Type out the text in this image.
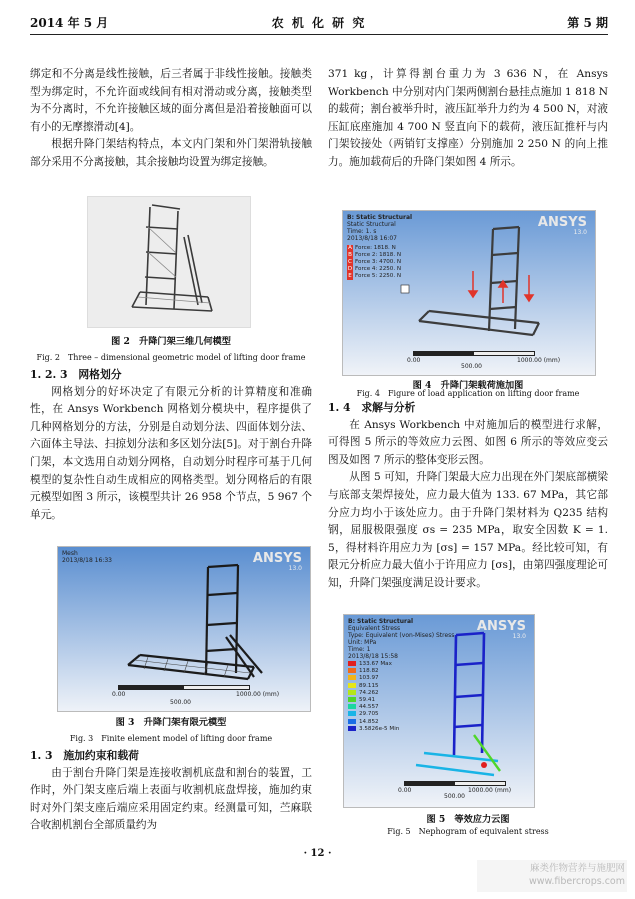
2014 年 5 月	农 机 化 研 究	第 5 期

绑定和不分离是线性接触，后三者属于非线性接触。接触类型为绑定时，不允许面或线间有相对滑动或分离，接触类型为不分离时，不允许接触区域的面分离但是沿着接触面可以有小的无摩擦滑动[4]。

根据升降门架结构特点，本文内门架和外门架滑轨接触部分采用不分离接触，其余接触均设置为绑定接触。

图 2　升降门架三维几何模型
Fig. 2　Three – dimensional geometric model of lifting door frame

1. 2. 3　网格划分

网格划分的好坏决定了有限元分析的计算精度和准确性，在 Ansys Workbench 网格划分模块中，程序提供了几种网格划分的方法，分别是自动划分法、四面体划分法、六面体主导法、扫掠划分法和多区划分法[5]。对于割台升降门架，本文选用自动划分网格，自动划分时程序可基于几何模型的复杂性自动生成相应的网格类型。划分网格后的有限元模型如图 3 所示，该模型共计 26 958 个节点，5 967 个单元。

Mesh
2013/8/18 16:33	ANSYS
13.0
0.00	1000.00 (mm)
500.00
图 3　升降门架有限元模型
Fig. 3　Finite element model of lifting door frame

1. 3　施加约束和载荷

由于割台升降门架是连接收割机底盘和割台的装置，工作时，外门架支座后端上表面与收割机底盘焊接，施加约束时对外门架支座后端应采用固定约束。经测量可知，苎麻联合收割机割台全部质量约为

371 kg，计算得割台重力为 3 636 N，在 Ansys Workbench 中分别对内门架两侧割台悬挂点施加 1 818 N 的载荷；割台被举升时，液压缸举升力约为 4 500 N，对液压缸底座施加 4 700 N 竖直向下的载荷，液压缸推杆与内门架铰接处（两销钉支撑座）分别施加 2 250 N 的向上推力。施加载荷后的升降门架如图 4 所示。

B: Static Structural
Static Structural
Time: 1. s
2013/8/18 16:07
ANSYS
13.0
A Force: 1818. N
B Force 2: 1818. N
C Force 3: 4700. N
D Force 4: 2250. N
E Force 5: 2250. N
0.00
500.00
1000.00 (mm)
图 4　升降门架载荷施加图
Fig. 4　Figure of load application on lifting door frame

1. 4　求解与分析

在 Ansys Workbench 中对施加后的模型进行求解，可得图 5 所示的等效应力云图、如图 6 所示的等效应变云图及如图 7 所示的整体变形云图。

从图 5 可知，升降门架最大应力出现在外门架底部横梁与底部支架焊接处，应力最大值为 133. 67 MPa，其它部分应力均小于该处应力。由于升降门架材料为 Q235 结构钢，屈服极限强度 σs = 235 MPa，取安全因数 K = 1. 5，得材料许用应力为 [σs] = 157 MPa。经比较可知，有限元分析应力最大值小于许用应力 [σs]，由第四强度理论可知，升降门架强度满足设计要求。

B: Static Structural
Equivalent Stress
Type: Equivalent (von-Mises) Stress
Unit: MPa
Time: 1
2013/8/18 15:58
ANSYS
13.0
133.67 Max
118.82
103.97
89.115
74.262
59.41
44.557
29.705
14.852
3.5826e-5 Min
0.00
500.00
1000.00 (mm)
图 5　等效应力云图
Fig. 5　Nephogram of equivalent stress
· 12 ·
麻类作物营养与施肥网
www.fibercrops.com
